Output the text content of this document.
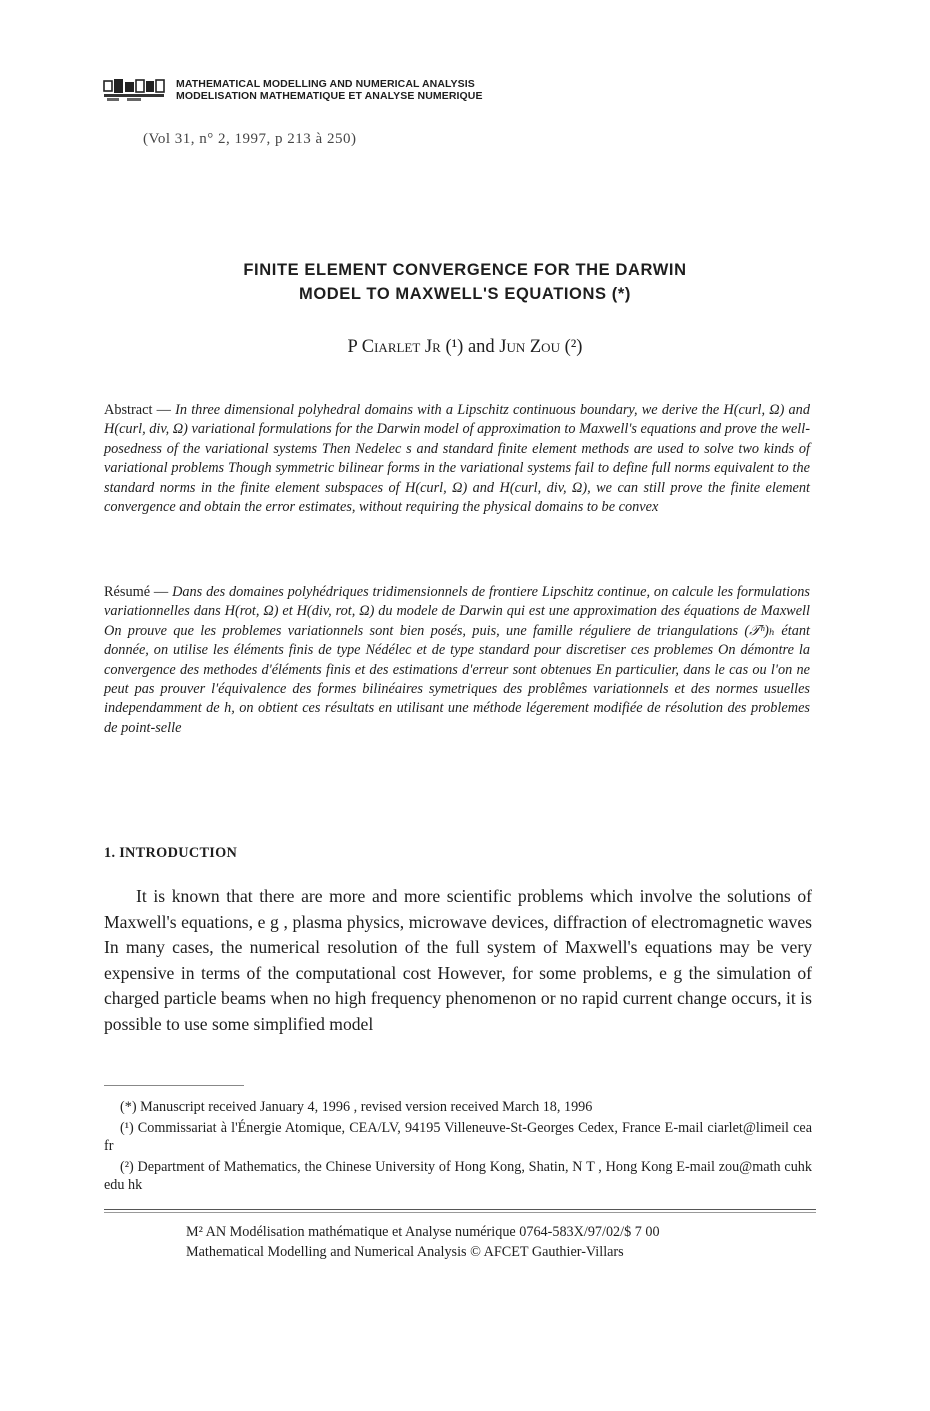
MATHEMATICAL MODELLING AND NUMERICAL ANALYSIS
MODELISATION MATHEMATIQUE ET ANALYSE NUMERIQUE
(Vol 31, n° 2, 1997, p 213 à 250)
FINITE ELEMENT CONVERGENCE FOR THE DARWIN
MODEL TO MAXWELL'S EQUATIONS (*)
P Ciarlet Jr (¹) and Jun Zou (²)
Abstract — In three dimensional polyhedral domains with a Lipschitz continuous boundary, we derive the H(curl, Ω) and H(curl, div, Ω) variational formulations for the Darwin model of approximation to Maxwell's equations and prove the well-posedness of the variational systems Then Nedelec s and standard finite element methods are used to solve two kinds of variational problems Though symmetric bilinear forms in the variational systems fail to define full norms equivalent to the standard norms in the finite element subspaces of H(curl, Ω) and H(curl, div, Ω), we can still prove the finite element convergence and obtain the error estimates, without requiring the physical domains to be convex
Résumé — Dans des domaines polyhédriques tridimensionnels de frontiere Lipschitz continue, on calcule les formulations variationnelles dans H(rot, Ω) et H(div, rot, Ω) du modele de Darwin qui est une approximation des équations de Maxwell On prouve que les problemes variationnels sont bien posés, puis, une famille réguliere de triangulations (𝒯ʰ)ₕ étant donnée, on utilise les éléments finis de type Nédélec et de type standard pour discretiser ces problemes On démontre la convergence des methodes d'éléments finis et des estimations d'erreur sont obtenues En particulier, dans le cas ou l'on ne peut pas prouver l'équivalence des formes bilinéaires symetriques des problêmes variationnels et des normes usuelles independamment de h, on obtient ces résultats en utilisant une méthode légerement modifiée de résolution des problemes de point-selle
1. INTRODUCTION
It is known that there are more and more scientific problems which involve the solutions of Maxwell's equations, e g , plasma physics, microwave devices, diffraction of electromagnetic waves In many cases, the numerical resolution of the full system of Maxwell's equations may be very expensive in terms of the computational cost However, for some problems, e g the simulation of charged particle beams when no high frequency phenomenon or no rapid current change occurs, it is possible to use some simplified model

(*) Manuscript received January 4, 1996 , revised version received March 18, 1996

(¹) Commissariat à l'Énergie Atomique, CEA/LV, 94195 Villeneuve-St-Georges Cedex, France E-mail ciarlet@limeil cea fr

(²) Department of Mathematics, the Chinese University of Hong Kong, Shatin, N T , Hong Kong E-mail zou@math cuhk edu hk

M² AN Modélisation mathématique et Analyse numérique 0764-583X/97/02/$ 7 00
Mathematical Modelling and Numerical Analysis © AFCET Gauthier-Villars
